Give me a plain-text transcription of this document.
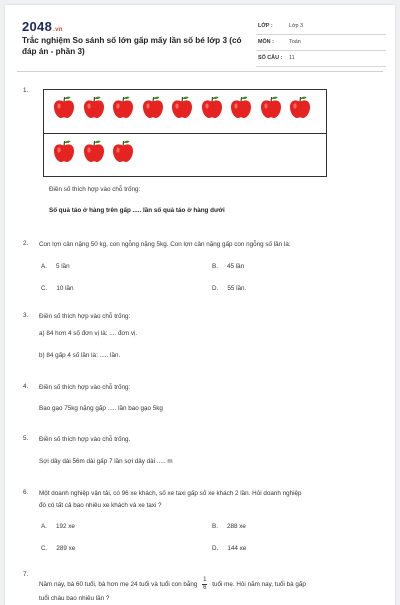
2048.vn
Trắc nghiệm So sánh số lớn gấp mấy lần số bé lớp 3 (có đáp án - phần 3)
LỚP :	Lớp 3
MÔN :	Toán
SỐ CÂU : 11
1.
Điền số thích hợp vào chỗ trống:
Số quả táo ở hàng trên gấp ..... lần số quả táo ở hàng dưới
2. Con lợn cân nặng 50 kg, con ngỗng nặng 5kg. Con lợn cân nặng gấp con ngỗng số lần là:
A. 5 lần	B. 45 lần
C. 10 lần	D. 55 lần.
3. Điền số thích hợp vào chỗ trống:
a) 84 hơn 4 số đơn vị là: .... đơn vị.
b) 84 gấp 4 số lần là: ..... lần.
4. Điền số thích hợp vào chỗ trống:
Bao gạo 75kg nặng gấp ..... lần bao gạo 5kg
5. Điền số thích hợp vào chỗ trống.
Sợi dây dài 56m dài gấp 7 lần sợi dây dài ..... m
6. Một doanh nghiệp vận tải, có 96 xe khách, số xe taxi gấp số xe khách 2 lần. Hỏi doanh nghiệp
đó có tất cả bao nhiêu xe khách và xe taxi ?
A. 192 xe	B. 288 xe
C. 289 xe	D. 144 xe
7.
Năm nay, bà 60 tuổi, bà hơn mẹ 24 tuổi và tuổi con bằng $\frac{1}{6}$ tuổi mẹ. Hỏi năm nay, tuổi bà gấp
tuổi cháu bao nhiêu lần ?
